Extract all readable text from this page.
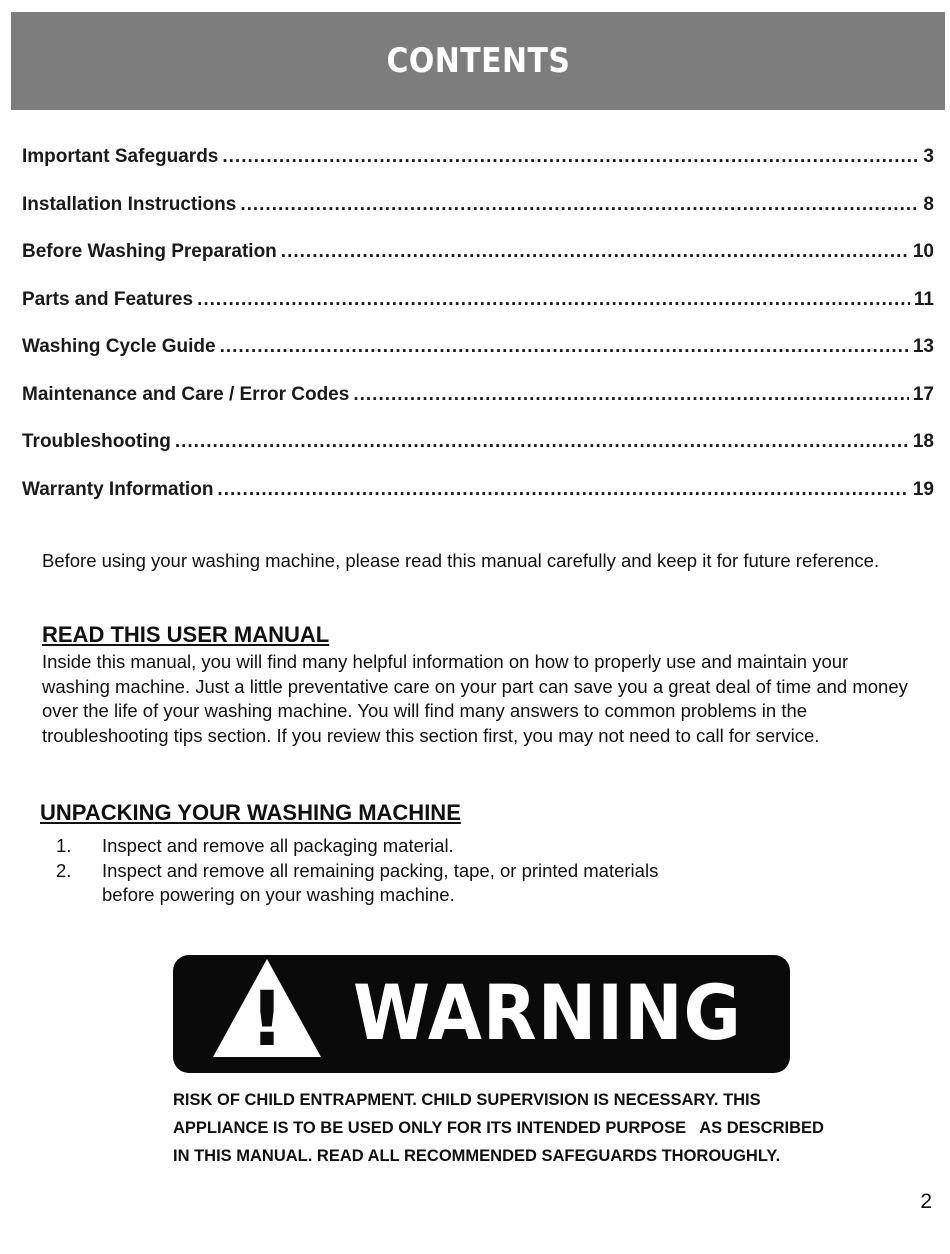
CONTENTS
Important Safeguards .....	3
Installation Instructions .....	8
Before Washing Preparation .....	10
Parts and Features .....	11
Washing Cycle Guide .....	13
Maintenance and Care / Error Codes .....	17
Troubleshooting .....	18
Warranty Information .....	19

Before using your washing machine, please read this manual carefully and keep it for future reference.

READ THIS USER MANUAL

Inside this manual, you will find many helpful information on how to properly use and maintain your washing machine. Just a little preventative care on your part can save you a great deal of time and money over the life of your washing machine. You will find many answers to common problems in the troubleshooting tips section. If you review this section first, you may not need to call for service.

UNPACKING YOUR WASHING MACHINE
1.	Inspect and remove all packaging material.
2.	Inspect and remove all remaining packing, tape, or printed materials before powering on your washing machine.
! WARNING
RISK OF CHILD ENTRAPMENT. CHILD SUPERVISION IS NECESSARY. THIS
APPLIANCE IS TO BE USED ONLY FOR ITS INTENDED PURPOSE   AS DESCRIBED
IN THIS MANUAL. READ ALL RECOMMENDED SAFEGUARDS THOROUGHLY.
2
